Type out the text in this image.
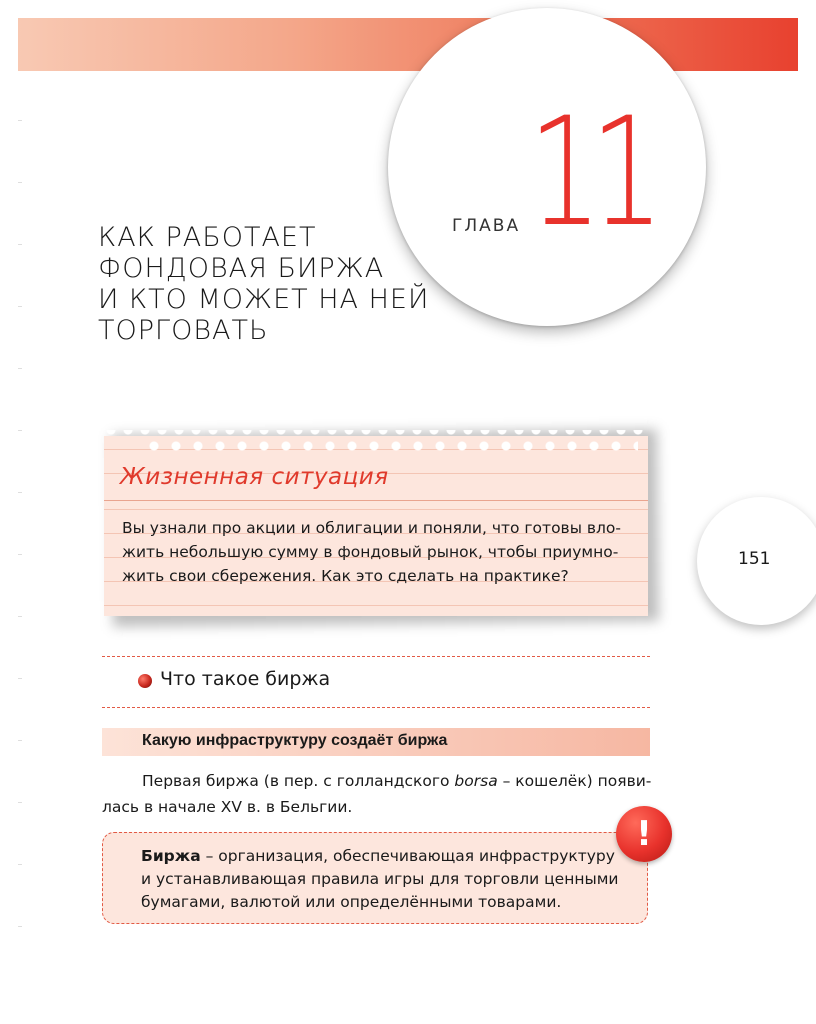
ГЛАВА 11
КАК РАБОТАЕТ
ФОНДОВАЯ БИРЖА
И КТО МОЖЕТ НА НЕЙ
ТОРГОВАТЬ
151
Жизненная ситуация
Вы узнали про акции и облигации и поняли, что готовы вло-
жить небольшую сумму в фондовый рынок, чтобы приумно-
жить свои сбережения. Как это сделать на практике?
Что такое биржа
Какую инфраструктуру создаёт биржа
Первая биржа (в пер. с голландского borsa – кошелёк) появи-
лась в начале XV в. в Бельгии.
Биржа – организация, обеспечивающая инфраструктуру
и устанавливающая правила игры для торговли ценными
бумагами, валютой или определёнными товарами.
!
